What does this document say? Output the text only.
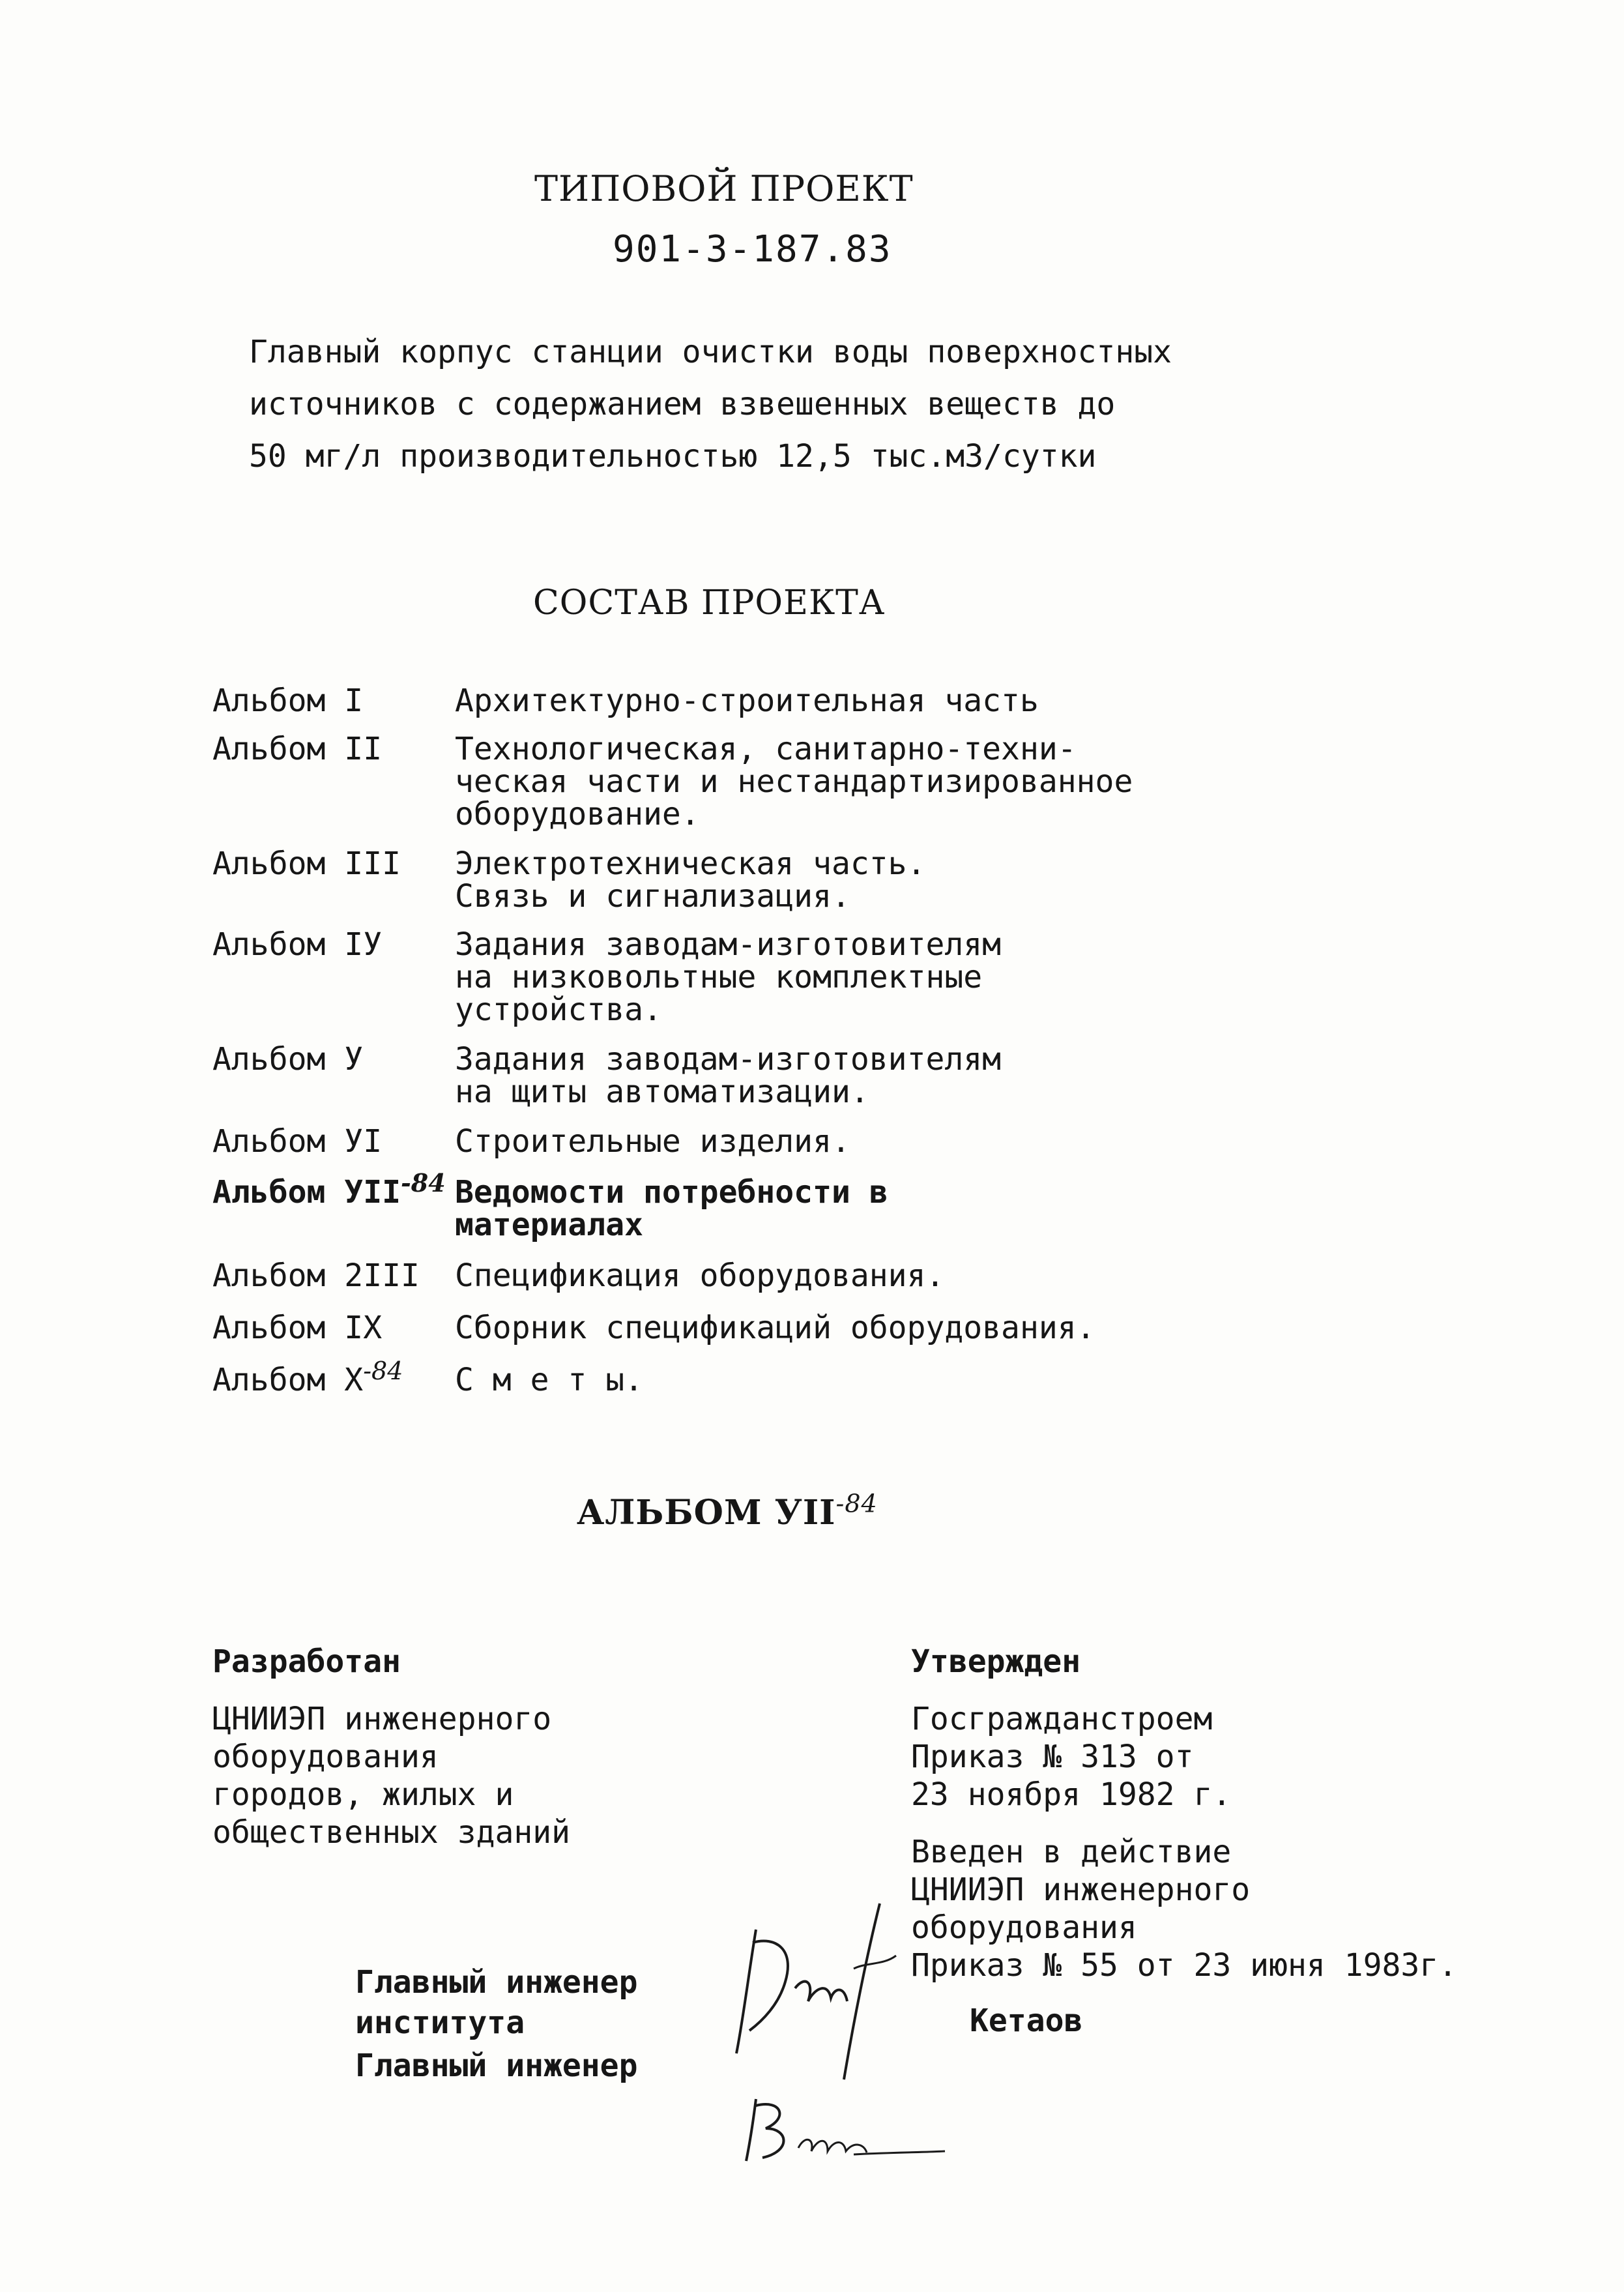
ТИПОВОЙ ПРОЕКТ
901-3-187.83
Главный корпус станции очистки воды поверхностных
источников с содержанием взвешенных веществ до
50 мг/л производительностью 12,5 тыс.м3/сутки
СОСТАВ ПРОЕКТА
Альбом I	Архитектурно-строительная часть
Альбом II Технологическая, санитарно-техни-
ческая части и нестандартизированное
оборудование.
Альбом III Электротехническая часть.
Связь и сигнализация.
Альбом IУ Задания заводам-изготовителям
на низковольтные комплектные
устройства.
Альбом У	Задания заводам-изготовителям
на щиты автоматизации.
Альбом УI Строительные изделия.
Альбом $УII^{-84}$ Ведомости потребности в
материалах
Альбом 2III Спецификация оборудования.
Альбом IX Сборник спецификаций оборудования.
Альбом $X^{-84}$ С м е т ы.
АЛЬБОМ $УII^{-84}$
Разработан
ЦНИИЭП инженерного
оборудования
городов, жилых и
общественных зданий
Утвержден
Госгражданстроем
Приказ № 313 от
23 ноября 1982 г.
Введен в действие
ЦНИИЭП инженерного
оборудования
Приказ № 55 от 23 июня 1983г.
Главный инженер
института
Главный инженер
Кетаов
